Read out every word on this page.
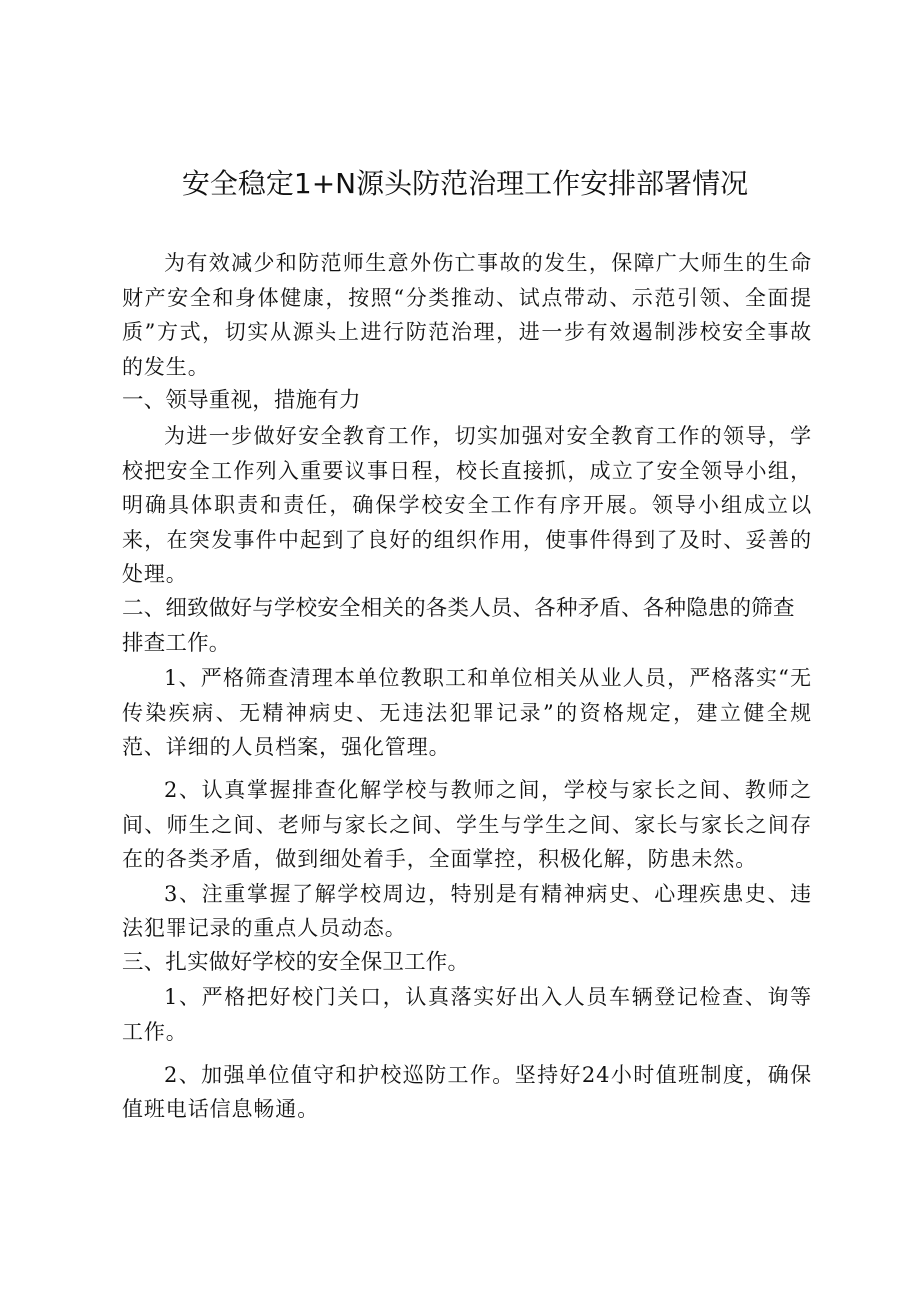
安全稳定1+N源头防范治理工作安排部署情况

为有效减少和防范师生意外伤亡事故的发生，保障广大师生的生命财产安全和身体健康，按照“分类推动、试点带动、示范引领、全面提质”方式，切实从源头上进行防范治理，进一步有效遏制涉校安全事故的发生。

一、领导重视，措施有力

为进一步做好安全教育工作，切实加强对安全教育工作的领导，学校把安全工作列入重要议事日程，校长直接抓，成立了安全领导小组，明确具体职责和责任，确保学校安全工作有序开展。领导小组成立以来，在突发事件中起到了良好的组织作用，使事件得到了及时、妥善的处理。

二、细致做好与学校安全相关的各类人员、各种矛盾、各种隐患的筛查排查工作。

1、严格筛查清理本单位教职工和单位相关从业人员，严格落实“无传染疾病、无精神病史、无违法犯罪记录”的资格规定，建立健全规范、详细的人员档案，强化管理。

2、认真掌握排查化解学校与教师之间，学校与家长之间、教师之间、师生之间、老师与家长之间、学生与学生之间、家长与家长之间存在的各类矛盾，做到细处着手，全面掌控，积极化解，防患未然。

3、注重掌握了解学校周边，特别是有精神病史、心理疾患史、违法犯罪记录的重点人员动态。

三、扎实做好学校的安全保卫工作。

1、严格把好校门关口，认真落实好出入人员车辆登记检查、询等工作。

2、加强单位值守和护校巡防工作。坚持好24小时值班制度，确保值班电话信息畅通。
